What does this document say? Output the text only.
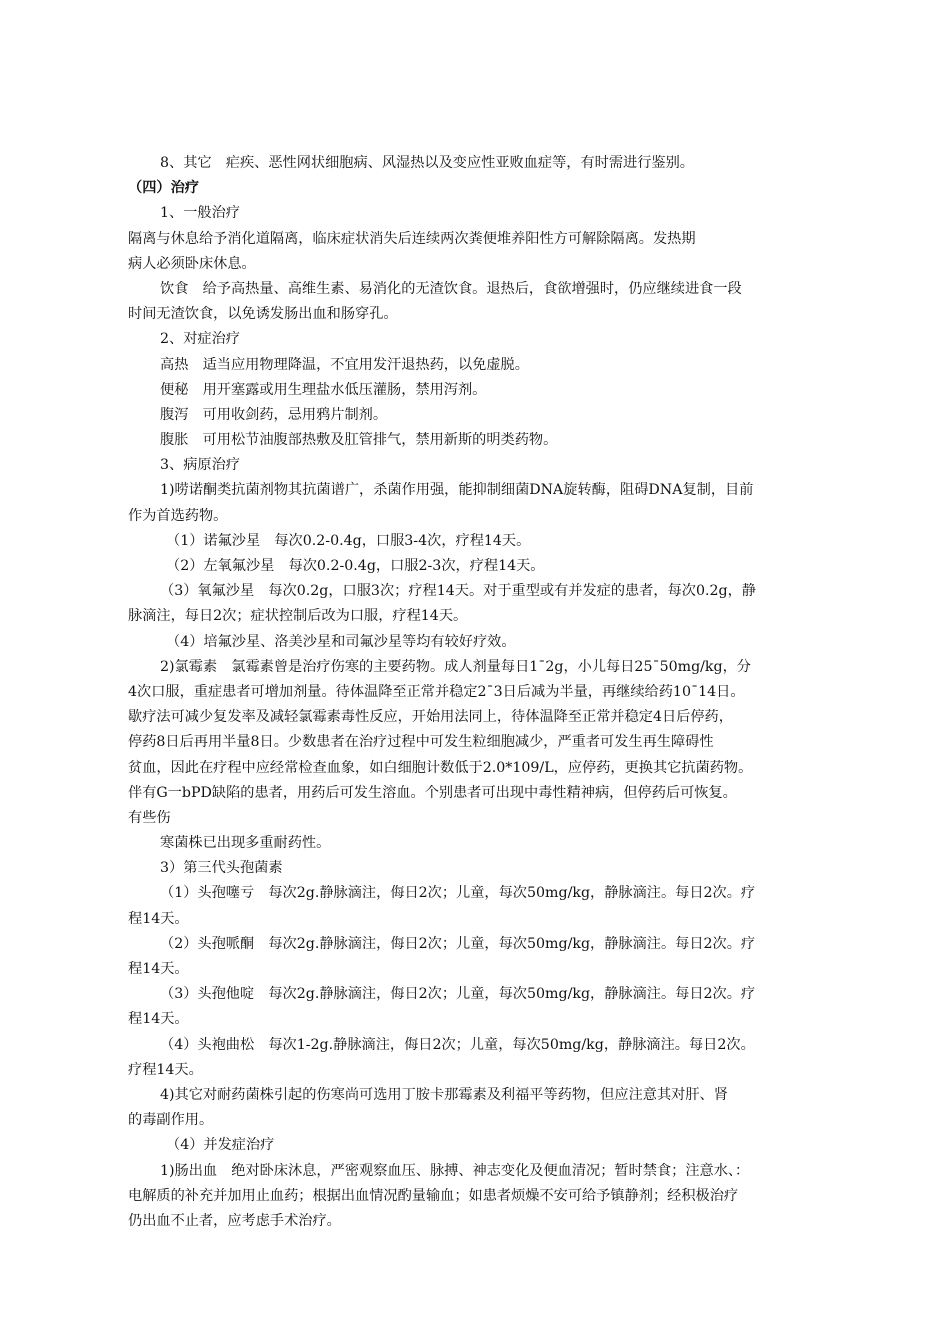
8、其它　疟疾、恶性网状细胞病、风湿热以及变应性亚败血症等，有时需进行鉴别。
（四）治疗
1、一般治疗
隔离与休息给予消化道隔离，临床症状消失后连续两次粪便堆养阳性方可解除隔离。发热期
病人必须卧床休息。
饮食　给予高热量、高维生素、易消化的无渣饮食。退热后，食欲增强时，仍应继续进食一段
时间无渣饮食，以免诱发肠出血和肠穿孔。
2、对症治疗
高热　适当应用物理降温，不宜用发汗退热药，以免虚脱。
便秘　用开塞露或用生理盐水低压灌肠，禁用泻剂。
腹泻　可用收剑药，忌用鸦片制剂。
腹胀　可用松节油腹部热敷及肛管排气，禁用新斯的明类药物。
3、病原治疗
1)唠诺酮类抗菌剂物其抗菌谱广，杀菌作用强，能抑制细菌DNA旋转酶，阻碍DNA复制，目前
作为首选药物。
（1）诺氟沙星　每次0.2-0.4g，口服3-4次，疗程14天。
（2）左氧氟沙星　每次0.2-0.4g，口服2-3次，疗程14天。
（3）氧氟沙星　每次0.2g，口服3次；疗程14天。对于重型或有并发症的患者，每次0.2g，静
脉滴注，每日2次；症状控制后改为口服，疗程14天。
（4）培氟沙星、洛美沙星和司氟沙星等均有较好疗效。
2)氯霉素　氯霉素曾是治疗伤寒的主要药物。成人剂量每日1¯2g，小儿每日25¯50mg/kg，分
4次口服，重症患者可增加剂量。待体温降至正常并稳定2¯3日后减为半量，再继续给药10¯14日。
歇疗法可减少复发率及减轻氯霉素毒性反应，开始用法同上，待体温降至正常并稳定4日后停药，
停药8日后再用半量8日。少数患者在治疗过程中可发生粒细胞减少，严重者可发生再生障碍性
贫血，因此在疗程中应经常检查血象，如白细胞计数低于2.0*109/L，应停药，更换其它抗菌药物。
伴有G一bPD缺陷的患者，用药后可发生溶血。个别患者可出现中毒性精神病，但停药后可恢复。
有些伤
寒菌株已出现多重耐药性。
3）第三代头孢菌素
（1）头孢噻亏　每次2g.静脉滴注，侮日2次；儿童，每次50mg/kg，静脉滴注。每日2次。疗
程14天。
（2）头孢哌酮　每次2g.静脉滴注，侮日2次；儿童，每次50mg/kg，静脉滴注。每日2次。疗
程14天。
（3）头孢他啶　每次2g.静脉滴注，侮日2次；儿童，每次50mg/kg，静脉滴注。每日2次。疗
程14天。
（4）头袍曲松　每次1-2g.静脉滴注，侮日2次；儿童，每次50mg/kg，静脉滴注。每日2次。
疗程14天。
4)其它对耐药菌株引起的伤寒尚可选用丁胺卡那霉素及利福平等药物，但应注意其对肝、肾
的毒副作用。
（4）并发症治疗
1)肠出血　绝对卧床沐息，严密观察血压、脉搏、神志变化及便血清况；暂时禁食；注意水、：
电解质的补充并加用止血药；根据出血情况酌量输血；如患者烦燥不安可给予镇静剂；经积极治疗
仍出血不止者，应考虑手术治疗。
